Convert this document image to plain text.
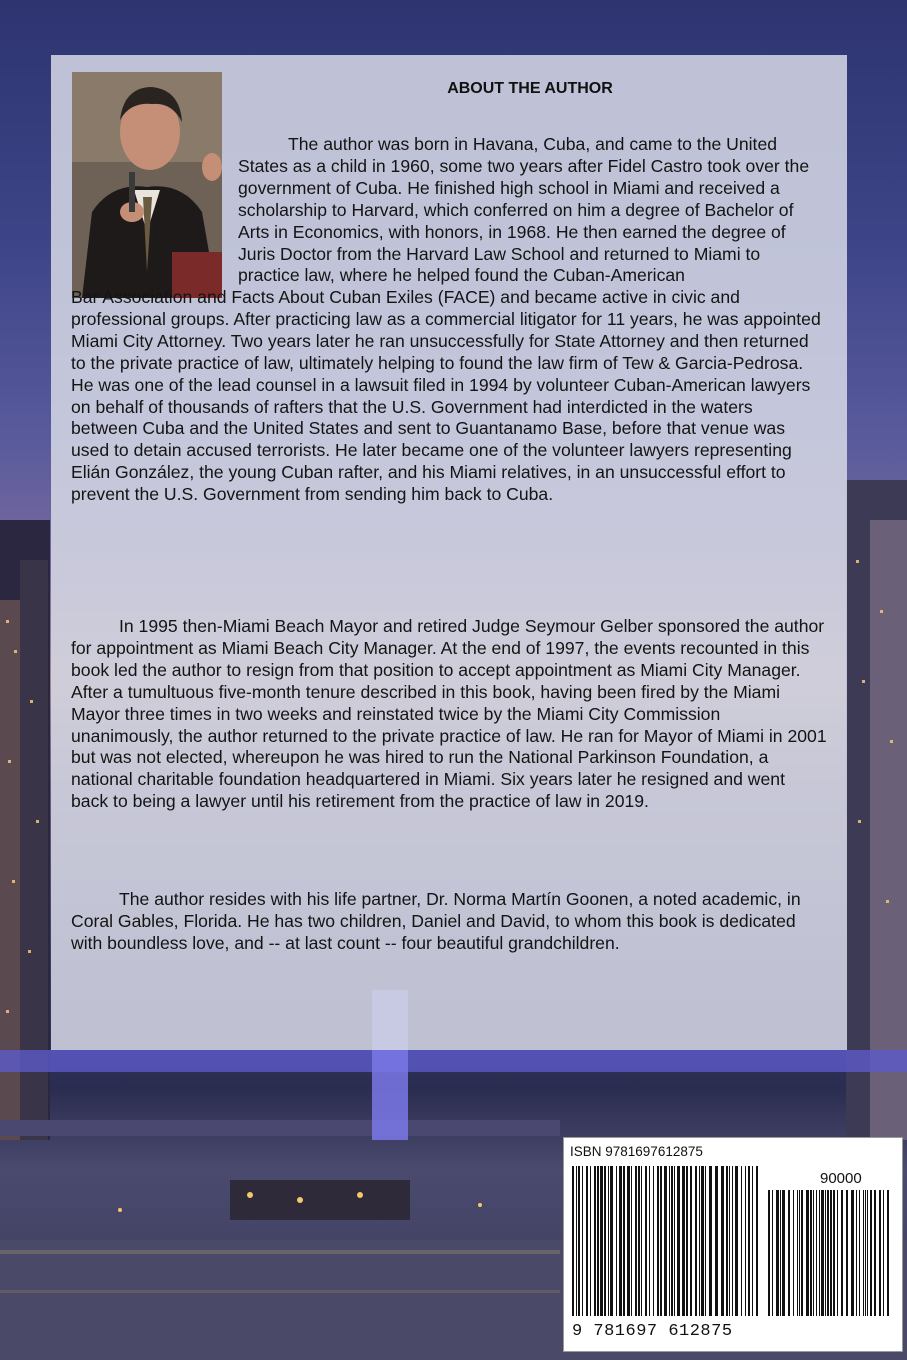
ABOUT THE AUTHOR

The author was born in Havana, Cuba, and came to the United States as a child in 1960, some two years after Fidel Castro took over the government of Cuba. He finished high school in Miami and received a scholarship to Harvard, which conferred on him a degree of Bachelor of Arts in Economics, with honors, in 1968. He then earned the degree of Juris Doctor from the Harvard Law School and returned to Miami to practice law, where he helped found the Cuban-American

Bar Association and Facts About Cuban Exiles (FACE) and became active in civic and professional groups. After practicing law as a commercial litigator for 11 years, he was appointed Miami City Attorney. Two years later he ran unsuccessfully for State Attorney and then returned to the private practice of law, ultimately helping to found the law firm of Tew & Garcia-Pedrosa. He was one of the lead counsel in a lawsuit filed in 1994 by volunteer Cuban-American lawyers on behalf of thousands of rafters that the U.S. Government had interdicted in the waters between Cuba and the United States and sent to Guantanamo Base, before that venue was used to detain accused terrorists. He later became one of the volunteer lawyers representing Elián González, the young Cuban rafter, and his Miami relatives, in an unsuccessful effort to prevent the U.S. Government from sending him back to Cuba.

In 1995 then-Miami Beach Mayor and retired Judge Seymour Gelber sponsored the author for appointment as Miami Beach City Manager. At the end of 1997, the events recounted in this book led the author to resign from that position to accept appointment as Miami City Manager. After a tumultuous five-month tenure described in this book, having been fired by the Miami Mayor three times in two weeks and reinstated twice by the Miami City Commission unanimously, the author returned to the private practice of law. He ran for Mayor of Miami in 2001 but was not elected, whereupon he was hired to run the National Parkinson Foundation, a national charitable foundation headquartered in Miami. Six years later he resigned and went back to being a lawyer until his retirement from the practice of law in 2019.

The author resides with his life partner, Dr. Norma Martín Goonen, a noted academic, in Coral Gables, Florida. He has two children, Daniel and David, to whom this book is dedicated with boundless love, and -- at last count -- four beautiful grandchildren.

ISBN 9781697612875
90000
9 781697 612875
